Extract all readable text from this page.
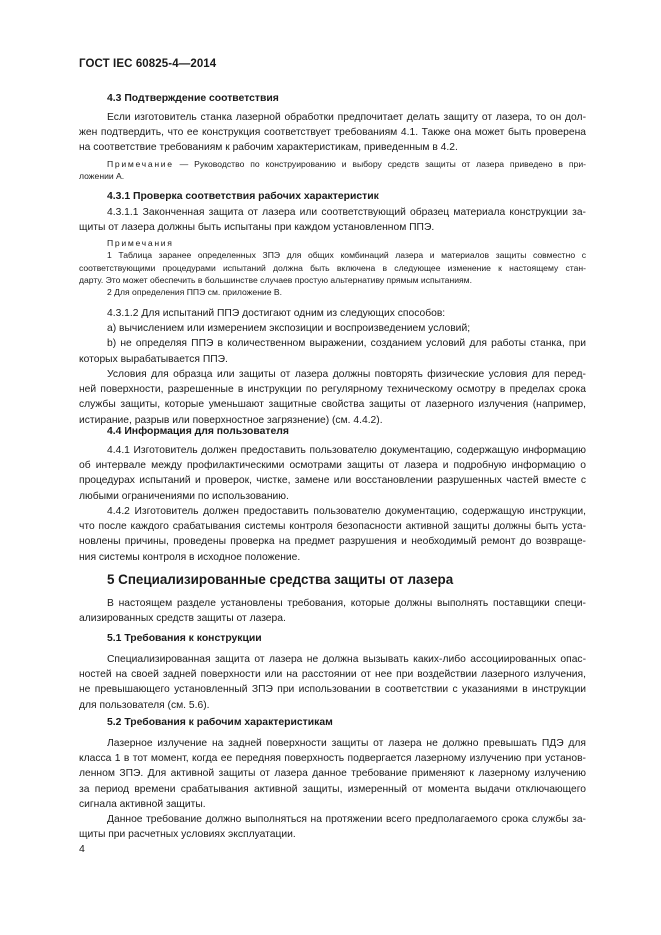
ГОСТ IEC 60825-4—2014
4.3 Подтверждение соответствия
Если изготовитель станка лазерной обработки предпочитает делать защиту от лазера, то он дол-
жен подтвердить, что ее конструкция соответствует требованиям 4.1. Также она может быть проверена
на соответствие требованиям к рабочим характеристикам, приведенным в 4.2.
Примечание — Руководство по конструированию и выбору средств защиты от лазера приведено в при-
ложении А.
4.3.1 Проверка соответствия рабочих характеристик
4.3.1.1 Законченная защита от лазера или соответствующий образец материала конструкции за-
щиты от лазера должны быть испытаны при каждом установленном ППЭ.
Примечания
1 Таблица заранее определенных ЗПЭ для общих комбинаций лазера и материалов защиты совместно с
соответствующими процедурами испытаний должна быть включена в следующее изменение к настоящему стан-
дарту. Это может обеспечить в большинстве случаев простую альтернативу прямым испытаниям.
2 Для определения ППЭ см. приложение В.
4.3.1.2 Для испытаний ППЭ достигают одним из следующих способов:
а) вычислением или измерением экспозиции и воспроизведением условий;
b) не определяя ППЭ в количественном выражении, созданием условий для работы станка, при
которых вырабатывается ППЭ.
Условия для образца или защиты от лазера должны повторять физические условия для перед-
ней поверхности, разрешенные в инструкции по регулярному техническому осмотру в пределах срока
службы защиты, которые уменьшают защитные свойства защиты от лазерного излучения (например,
истирание, разрыв или поверхностное загрязнение) (см. 4.4.2).
4.4 Информация для пользователя
4.4.1 Изготовитель должен предоставить пользователю документацию, содержащую информацию
об интервале между профилактическими осмотрами защиты от лазера и подробную информацию о
процедурах испытаний и проверок, чистке, замене или восстановлении разрушенных частей вместе с
любыми ограничениями по использованию.
4.4.2 Изготовитель должен предоставить пользователю документацию, содержащую инструкции,
что после каждого срабатывания системы контроля безопасности активной защиты должны быть уста-
новлены причины, проведены проверка на предмет разрушения и необходимый ремонт до возвраще-
ния системы контроля в исходное положение.
5 Специализированные средства защиты от лазера
В настоящем разделе установлены требования, которые должны выполнять поставщики специ-
ализированных средств защиты от лазера.
5.1 Требования к конструкции
Специализированная защита от лазера не должна вызывать каких-либо ассоциированных опас-
ностей на своей задней поверхности или на расстоянии от нее при воздействии лазерного излучения,
не превышающего установленный ЗПЭ при использовании в соответствии с указаниями в инструкции
для пользователя (см. 5.6).
5.2 Требования к рабочим характеристикам
Лазерное излучение на задней поверхности защиты от лазера не должно превышать ПДЭ для
класса 1 в тот момент, когда ее передняя поверхность подвергается лазерному излучению при установ-
ленном ЗПЭ. Для активной защиты от лазера данное требование применяют к лазерному излучению
за период времени срабатывания активной защиты, измеренный от момента выдачи отключающего
сигнала активной защиты.
Данное требование должно выполняться на протяжении всего предполагаемого срока службы за-
щиты при расчетных условиях эксплуатации.
4
